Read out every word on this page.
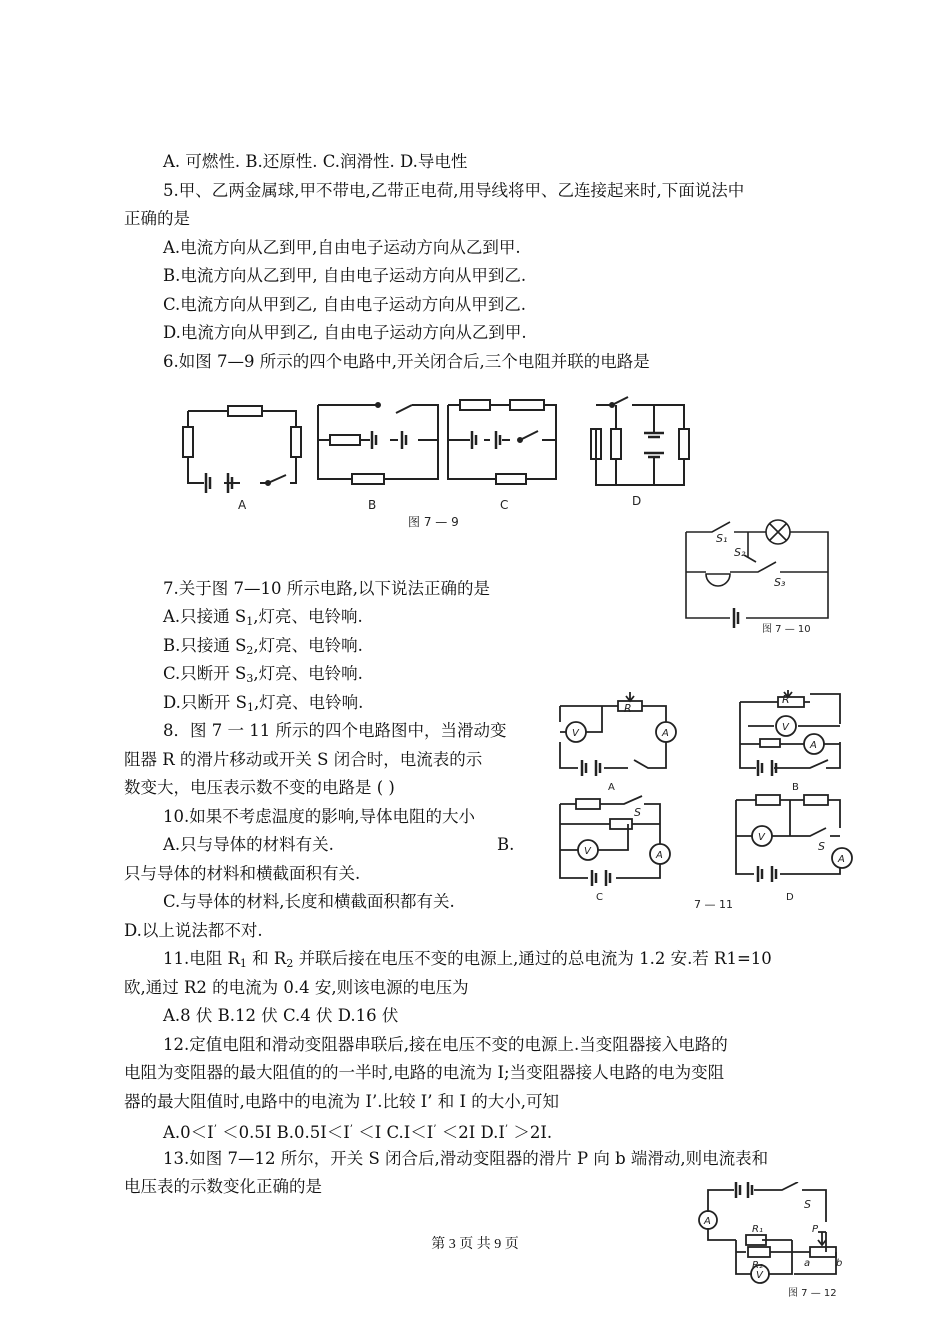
A. 可燃性. B.还原性. C.润滑性. D.导电性
5.甲、乙两金属球,甲不带电,乙带正电荷,用导线将甲、乙连接起来时,下面说法中
正确的是
A.电流方向从乙到甲,自由电子运动方向从乙到甲.
B.电流方向从乙到甲, 自由电子运动方向从甲到乙.
C.电流方向从甲到乙, 自由电子运动方向从甲到乙.
D.电流方向从甲到乙, 自由电子运动方向从乙到甲.
6.如图 7—9 所示的四个电路中,开关闭合后,三个电阻并联的电路是
7.关于图 7—10 所示电路,以下说法正确的是
A.只接通 $S_1$,灯亮、电铃响.
B.只接通 $S_2$,灯亮、电铃响.
C.只断开 $S_3$,灯亮、电铃响.
D.只断开 $S_1$,灯亮、电铃响.
8．图 7 一 11 所示的四个电路图中，当滑动变
阻器 R 的滑片移动或开关 S 闭合时，电流表的示
数变大，电压表示数不变的电路是 ( )
10.如果不考虑温度的影响,导体电阻的大小
A.只与导体的材料有关.	B.
只与导体的材料和横截面积有关.
C.与导体的材料,长度和横截面积都有关.
D.以上说法都不对.
11.电阻 $R_1$ 和 $R_2$ 并联后接在电压不变的电源上,通过的总电流为 1.2 安.若 R1=10
欧,通过 R2 的电流为 0.4 安,则该电源的电压为
A.8 伏 B.12 伏 C.4 伏 D.16 伏
12.定值电阻和滑动变阻器串联后,接在电压不变的电源上.当变阻器接入电路的
电阻为变阻器的最大阻值的的一半时,电路的电流为 I;当变阻器接人电路的电为变阻
器的最大阻值时,电路中的电流为 I’.比较 I’ 和 I 的大小,可知
A.0＜I’ ＜0.5I B.0.5I＜I’ ＜I C.I＜I’ ＜2I D.I’ ＞2I.
13.如图 7—12 所尔，开关 S 闭合后,滑动变阻器的滑片 P 向 b 端滑动,则电流表和
电压表的示数变化正确的是
A	B	C	D
图 7 — 9
S₁
S₂
S₃
图 7 — 10
R
V	A
A
R
V
A
B
S
V	A
C
7 — 11
V
S
A
D
A
V
S
R₁
R₂
P
a	b
图 7 — 12
第 3 页 共 9 页
